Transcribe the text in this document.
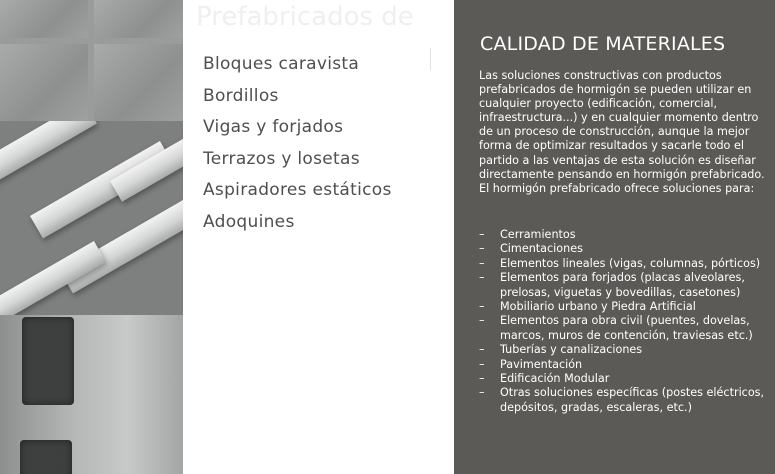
Prefabricados de
Bloques caravista
Bordillos
Vigas y forjados
Terrazos y losetas
Aspiradores estáticos
Adoquines
CALIDAD DE MATERIALES

Las soluciones constructivas con productos prefabricados de hormigón se pueden utilizar en cualquier proyecto (edificación, comercial, infraestructura...) y en cualquier momento dentro de un proceso de construcción, aunque la mejor forma de optimizar resultados y sacarle todo el partido a las ventajas de esta solución es diseñar directamente pensando en hormigón prefabricado. El hormigón prefabricado ofrece soluciones para:

– Cerramientos
– Cimentaciones
– Elementos lineales (vigas, columnas, pórticos)
– Elementos para forjados (placas alveolares, prelosas, viguetas y bovedillas, casetones)
– Mobiliario urbano y Piedra Artificial
– Elementos para obra civil (puentes, dovelas, marcos, muros de contención, traviesas etc.)
– Tuberías y canalizaciones
– Pavimentación
– Edificación Modular
– Otras soluciones específicas (postes eléctricos, depósitos, gradas, escaleras, etc.)
